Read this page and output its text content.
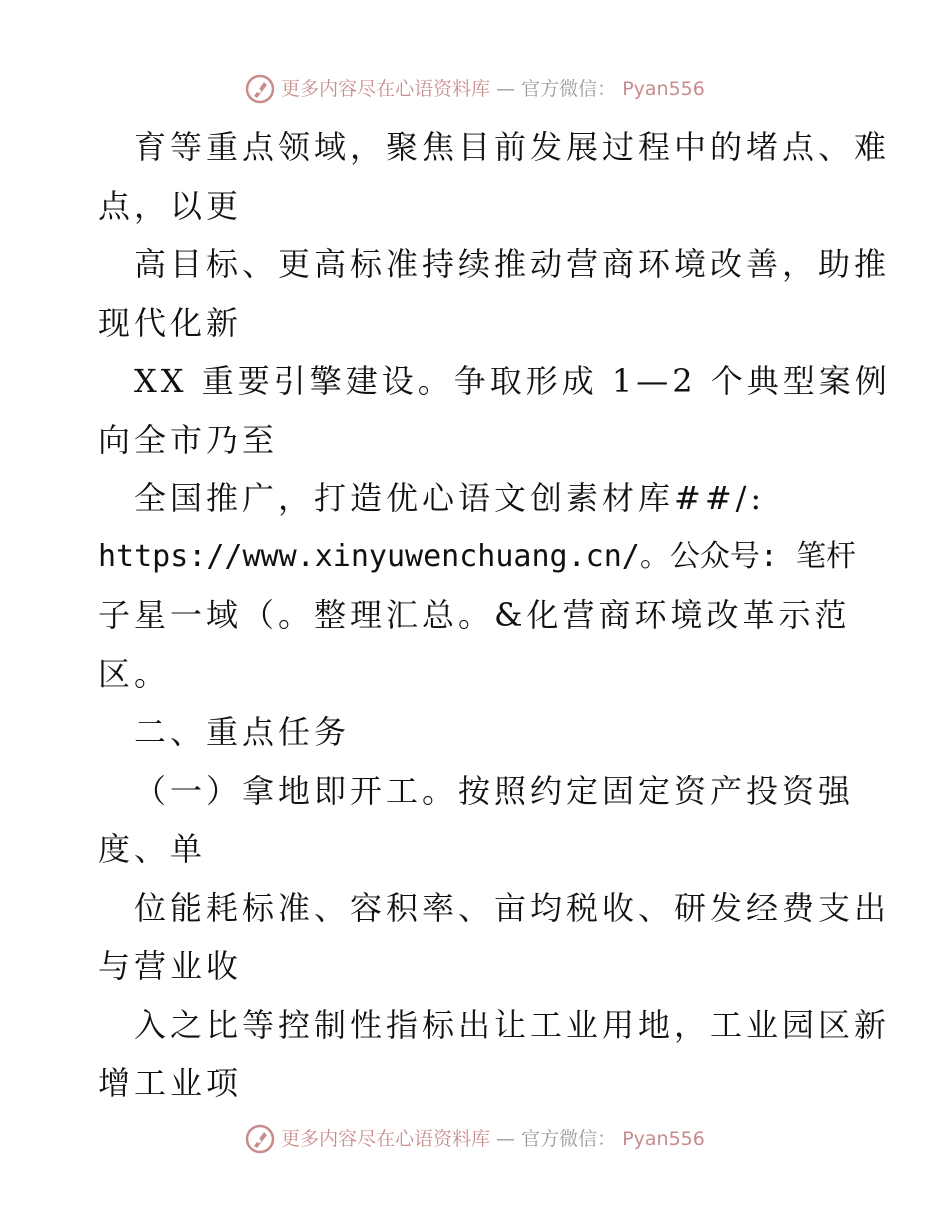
更多内容尽在心语资料库 — 官方微信： Pyan556
育等重点领域，聚焦目前发展过程中的堵点、难
点，以更
高目标、更高标准持续推动营商环境改善，助推
现代化新
XX 重要引擎建设。争取形成 1—2 个典型案例
向全市乃至
全国推广，打造优心语文创素材库##/:
https://www.xinyuwenchuang.cn/。公众号: 笔杆
子星一域（。整理汇总。&化营商环境改革示范
区。
二、重点任务
（一）拿地即开工。按照约定固定资产投资强
度、单
位能耗标准、容积率、亩均税收、研发经费支出
与营业收
入之比等控制性指标出让工业用地，工业园区新
增工业项
更多内容尽在心语资料库 — 官方微信： Pyan556
